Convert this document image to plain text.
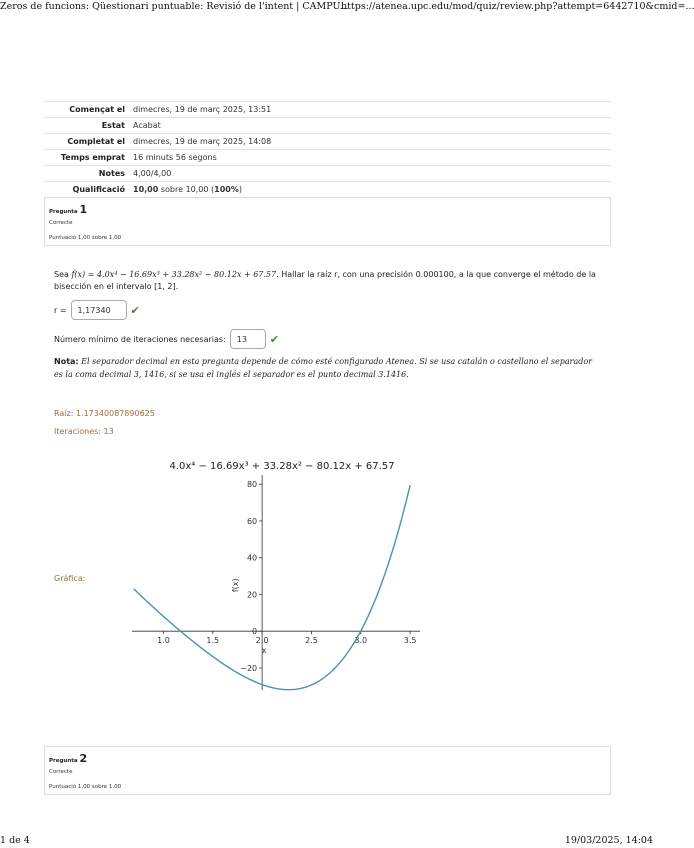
Zeros de funcions: Qüestionari puntuable: Revisió de l'intent | CAMPU...
https://atenea.upc.edu/mod/quiz/review.php?attempt=6442710&cmid=...
Començat el	dimecres, 19 de març 2025, 13:51
Estat	Acabat
Completat el	dimecres, 19 de març 2025, 14:08
Temps emprat	16 minuts 56 segons
Notes	4,00/4,00
Qualificació	10,00 sobre 10,00 (100%)
Pregunta 1
Correcte
Puntuació 1,00 sobre 1,00
Sea f(x) = 4.0x⁴ − 16.69x³ + 33.28x² − 80.12x + 67.57. Hallar la raíz r, con una precisión 0.000100, a la que converge el método de la bisección en el intervalo [1, 2].
r =	1,17340	✔
Número mínimo de iteraciones necesarias:	13	✔
Nota: El separador decimal en esta pregunta depende de cómo esté configurado Atenea. Si se usa catalán o castellano el separador es la coma decimal 3, 1416, si se usa el inglés el separador es el punto decimal 3.1416.
Raíz: 1.17340087890625
Iteraciones: 13
Gráfica:
4.0x⁴ − 16.69x³ + 33.28x² − 80.12x + 67.57
1.0	1.5	2.0	2.5	3.0	3.5
−20
0
20
40
60
80
x
f(x)
Pregunta 2
Correcte
Puntuació 1,00 sobre 1,00
1 de 4	19/03/2025, 14:04
